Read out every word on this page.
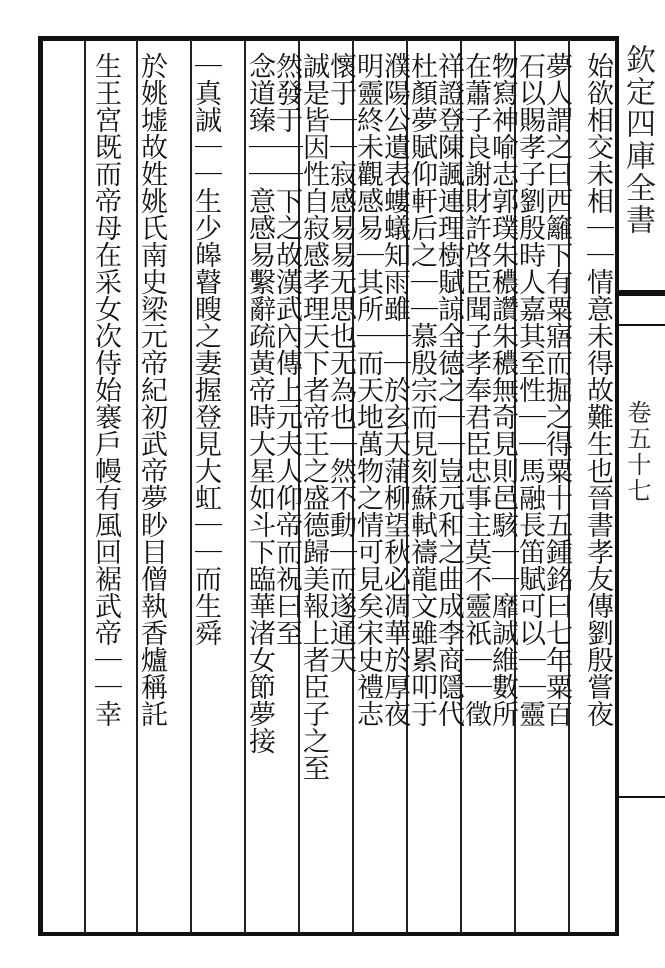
欽定四庫全書
卷五十七
始欲相交未相｜｜情意未得故難生也晉書孝友傳劉殷嘗夜
夢人謂之曰西籬下有粟寤而掘之得粟十五鍾銘曰七年粟百
石以賜孝子劉殷時人嘉其至性｜｜馬融長笛賦可以｜｜靈
物寫神喻志郭璞朱穠讚朱穠無奇見則邑駭｜｜靡誠維數所
在蕭子良謝財許啓臣聞子孝奉君臣忠事主莫不靈祇｜｜徵
祥證登陳諷連理樹賦諒全德之｜｜豈元和之曲成李商隱代
杜顏夢賦仰軒后之｜｜慕殷宗而見刻蘇軾禱龍文雖累叩于
濮陽公遺表螻蟻知雨雖｜｜於玄天蒲柳望秋必凋華於厚夜
明靈終未觀感易｜其所｜而天地萬物之情可見矣宋史禮志
懷于｜｜寂感易易无思也无為也｜然不動｜而遂通天
誠是皆因性自寂感孝理天下者帝王之盛德歸美報上者臣子之至
然發于｜｜下之故漢武內傳上元夫人仰帝而祝曰至
念道臻｜｜意感易繫辭疏黃帝時大星如斗下臨華渚女節夢接
｜真誠｜｜生少皞瞽瞍之妻握登見大虹｜｜而生舜
於姚墟故姓姚氏南史梁元帝紀初武帝夢眇目僧執香爐稱託
生王宮既而帝母在采女次侍始褰戶幔有風回裾武帝｜｜幸
